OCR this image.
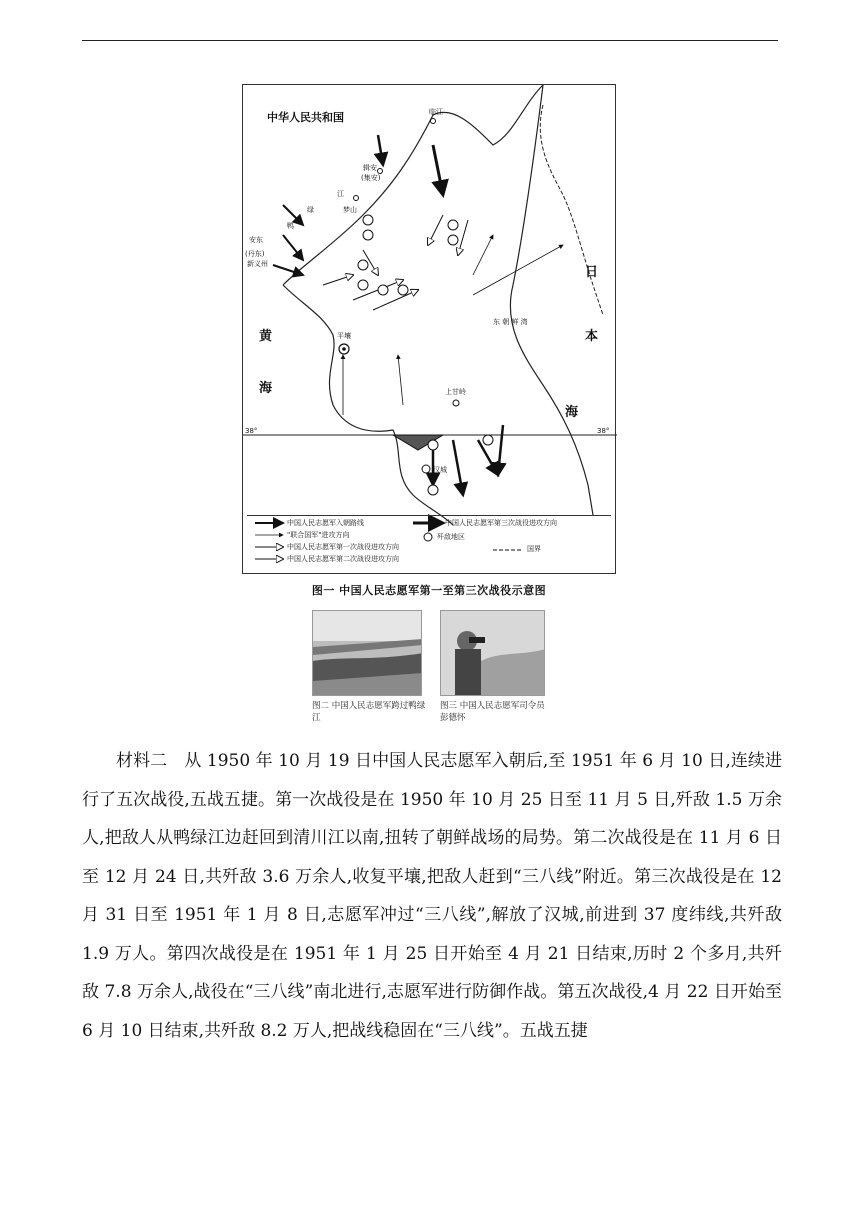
中华人民共和国	临江
辑安
(集安)
江
梦山
绿
鸭
安东
(丹东)
新义州
平壤
黄
海	上甘岭
汉城
日
本
海
东 朝 鲜 湾
38°	38°
中国人民志愿军入朝路线
"联合国军"进攻方向
中国人民志愿军第一次战役进攻方向
中国人民志愿军第二次战役进攻方向
中国人民志愿军第三次战役进攻方向
歼敌地区
国界
图一 中国人民志愿军第一至第三次战役示意图
图二 中国人民志愿军跨过鸭绿江
图三 中国人民志愿军司令员彭德怀
材料二　从 1950 年 10 月 19 日中国人民志愿军入朝后,至 1951 年 6 月 10 日,连续进行了五次战役,五战五捷。第一次战役是在 1950 年 10 月 25 日至 11 月 5 日,歼敌 1.5 万余人,把敌人从鸭绿江边赶回到清川江以南,扭转了朝鲜战场的局势。第二次战役是在 11 月 6 日至 12 月 24 日,共歼敌 3.6 万余人,收复平壤,把敌人赶到“三八线”附近。第三次战役是在 12 月 31 日至 1951 年 1 月 8 日,志愿军冲过“三八线”,解放了汉城,前进到 37 度纬线,共歼敌 1.9 万人。第四次战役是在 1951 年 1 月 25 日开始至 4 月 21 日结束,历时 2 个多月,共歼敌 7.8 万余人,战役在“三八线”南北进行,志愿军进行防御作战。第五次战役,4 月 22 日开始至 6 月 10 日结束,共歼敌 8.2 万人,把战线稳固在“三八线”。五战五捷
